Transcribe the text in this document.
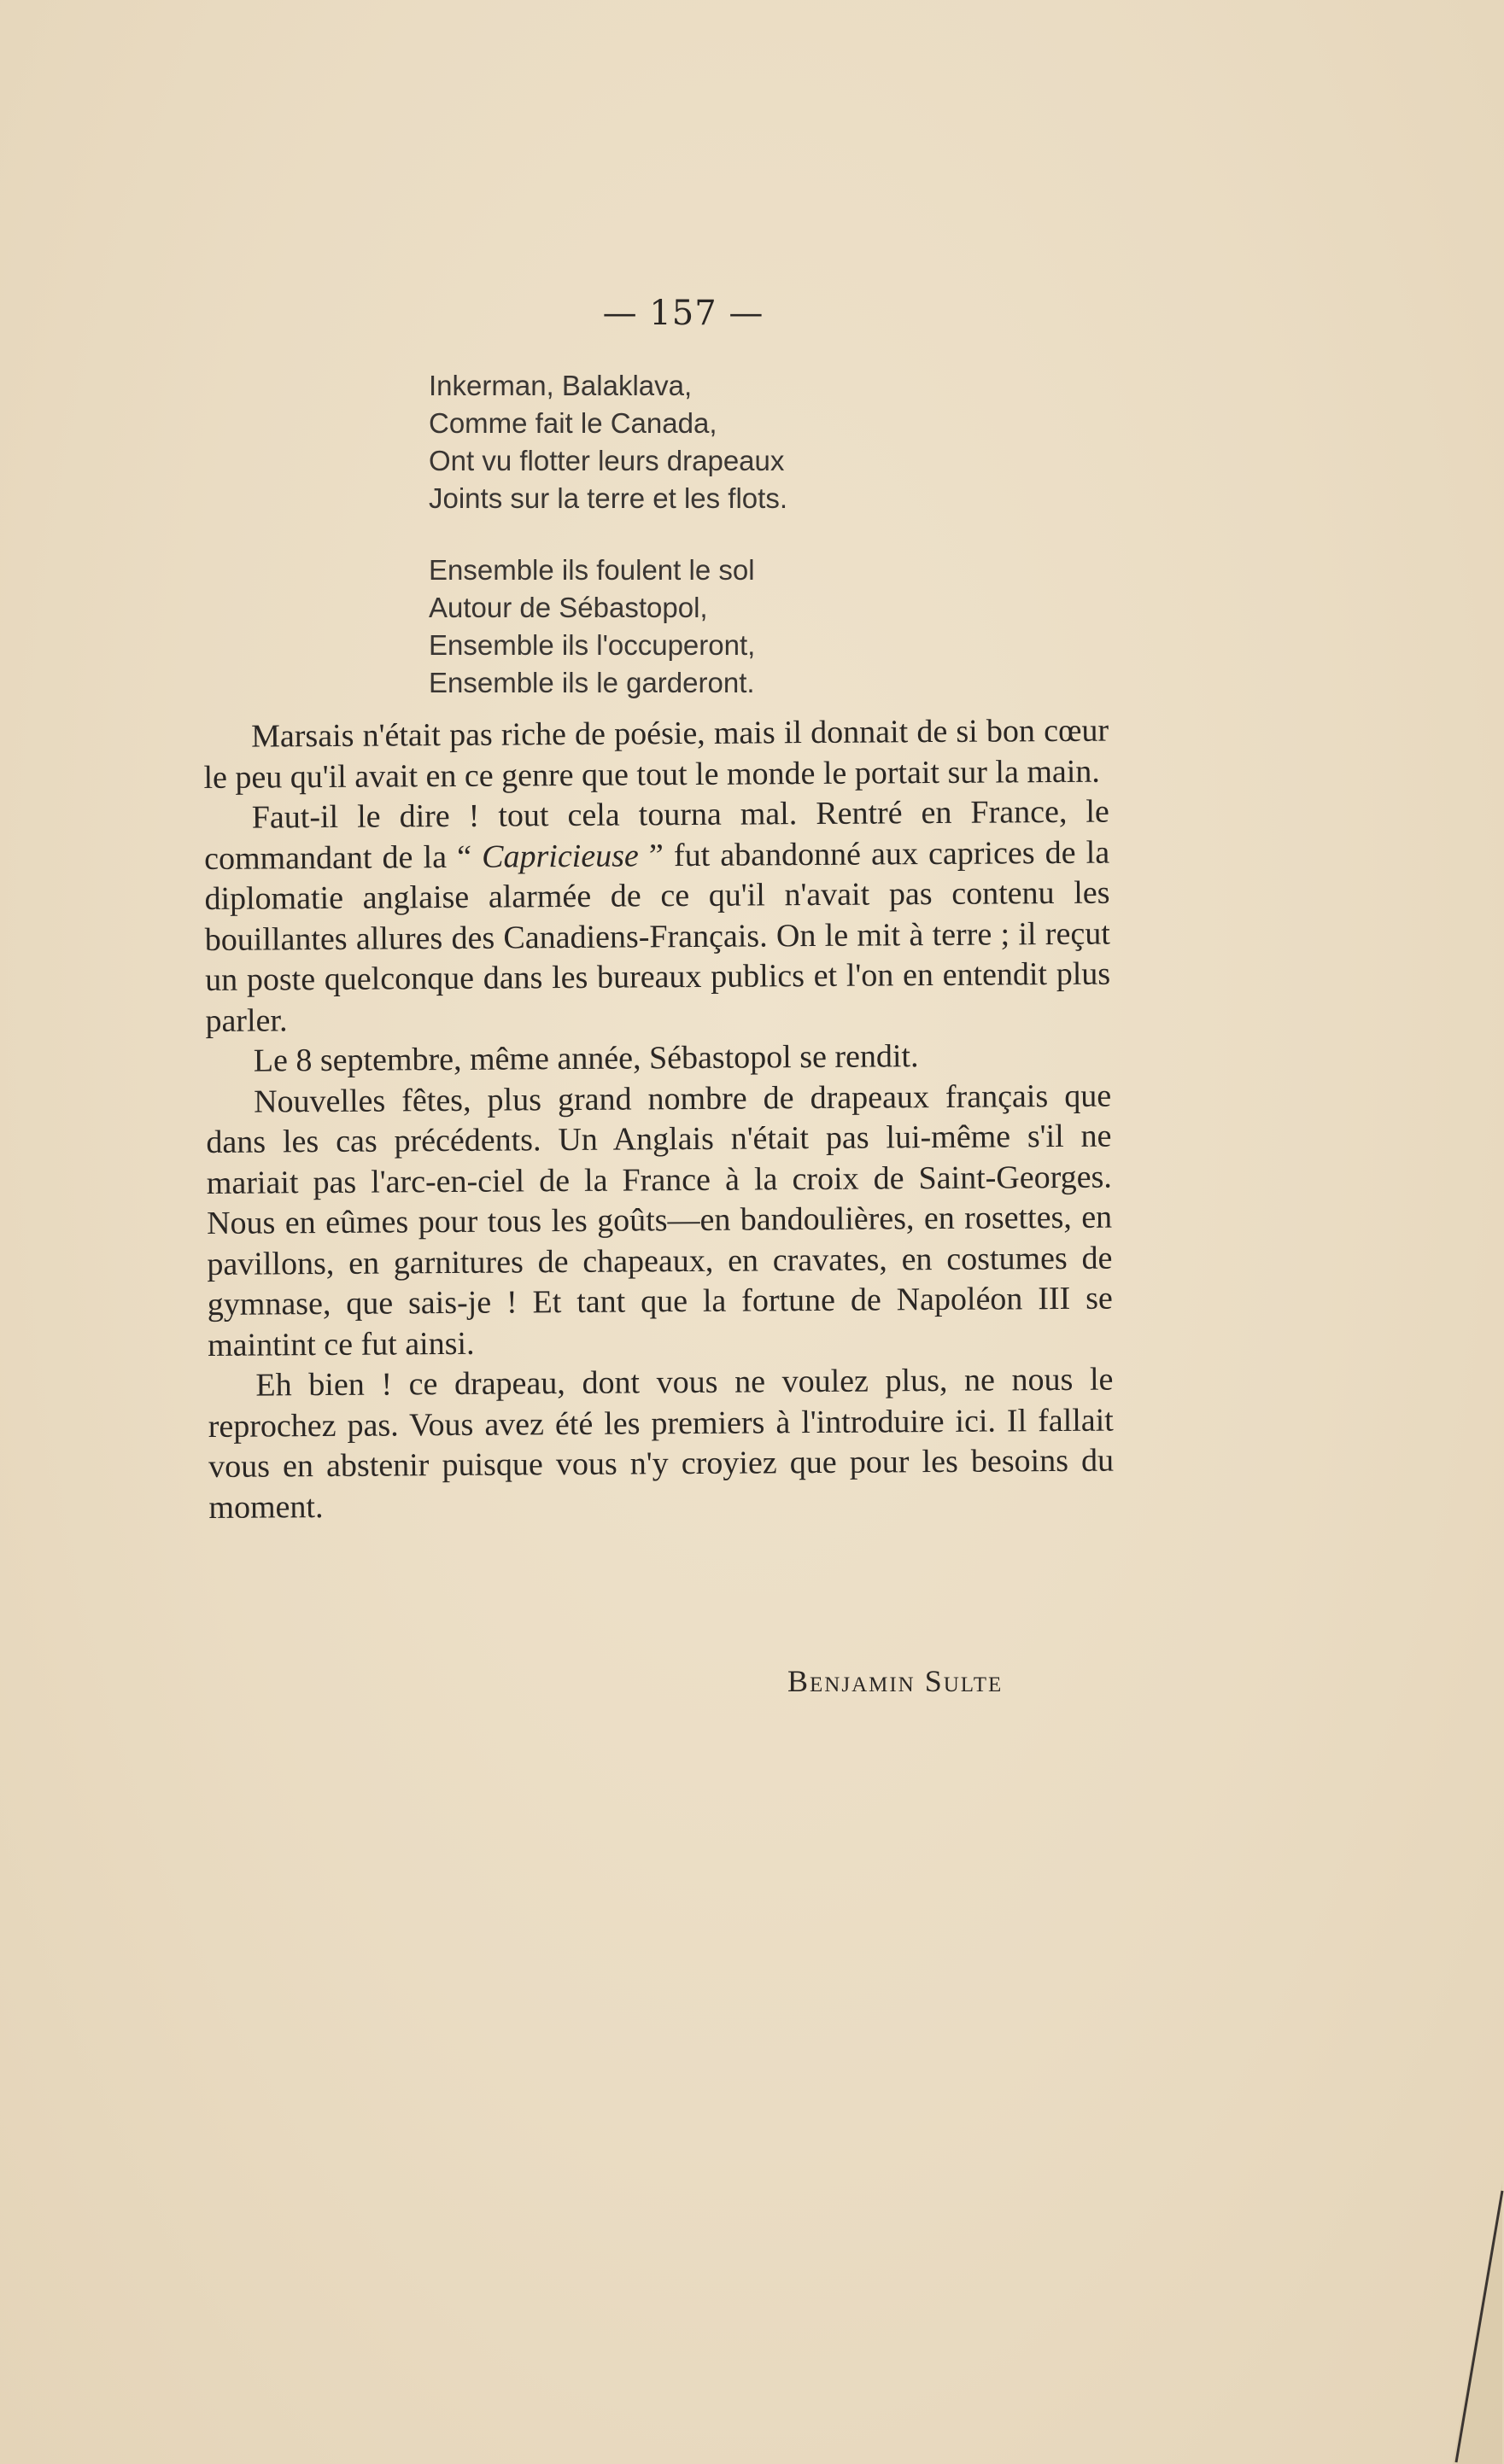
— 157 —
Inkerman, Balaklava,
Comme fait le Canada,
Ont vu flotter leurs drapeaux
Joints sur la terre et les flots.
Ensemble ils foulent le sol
Autour de Sébastopol,
Ensemble ils l'occuperont,
Ensemble ils le garderont.

Marsais n'était pas riche de poésie, mais il donnait de si bon cœur le peu qu'il avait en ce genre que tout le monde le portait sur la main.

Faut-il le dire ! tout cela tourna mal. Rentré en France, le commandant de la “ Capricieuse ” fut abandonné aux caprices de la diplomatie anglaise alarmée de ce qu'il n'avait pas contenu les bouillantes allures des Canadiens-Français. On le mit à terre ; il reçut un poste quelconque dans les bureaux publics et l'on en entendit plus parler.

Le 8 septembre, même année, Sébastopol se rendit.

Nouvelles fêtes, plus grand nombre de drapeaux français que dans les cas précédents. Un Anglais n'était pas lui-même s'il ne mariait pas l'arc-en-ciel de la France à la croix de Saint-Georges. Nous en eûmes pour tous les goûts—en bandoulières, en rosettes, en pavillons, en garnitures de chapeaux, en cravates, en costumes de gymnase, que sais-je ! Et tant que la fortune de Napoléon III se maintint ce fut ainsi.

Eh bien ! ce drapeau, dont vous ne voulez plus, ne nous le reprochez pas. Vous avez été les premiers à l'introduire ici. Il fallait vous en abstenir puisque vous n'y croyiez que pour les besoins du moment.

Benjamin Sulte
